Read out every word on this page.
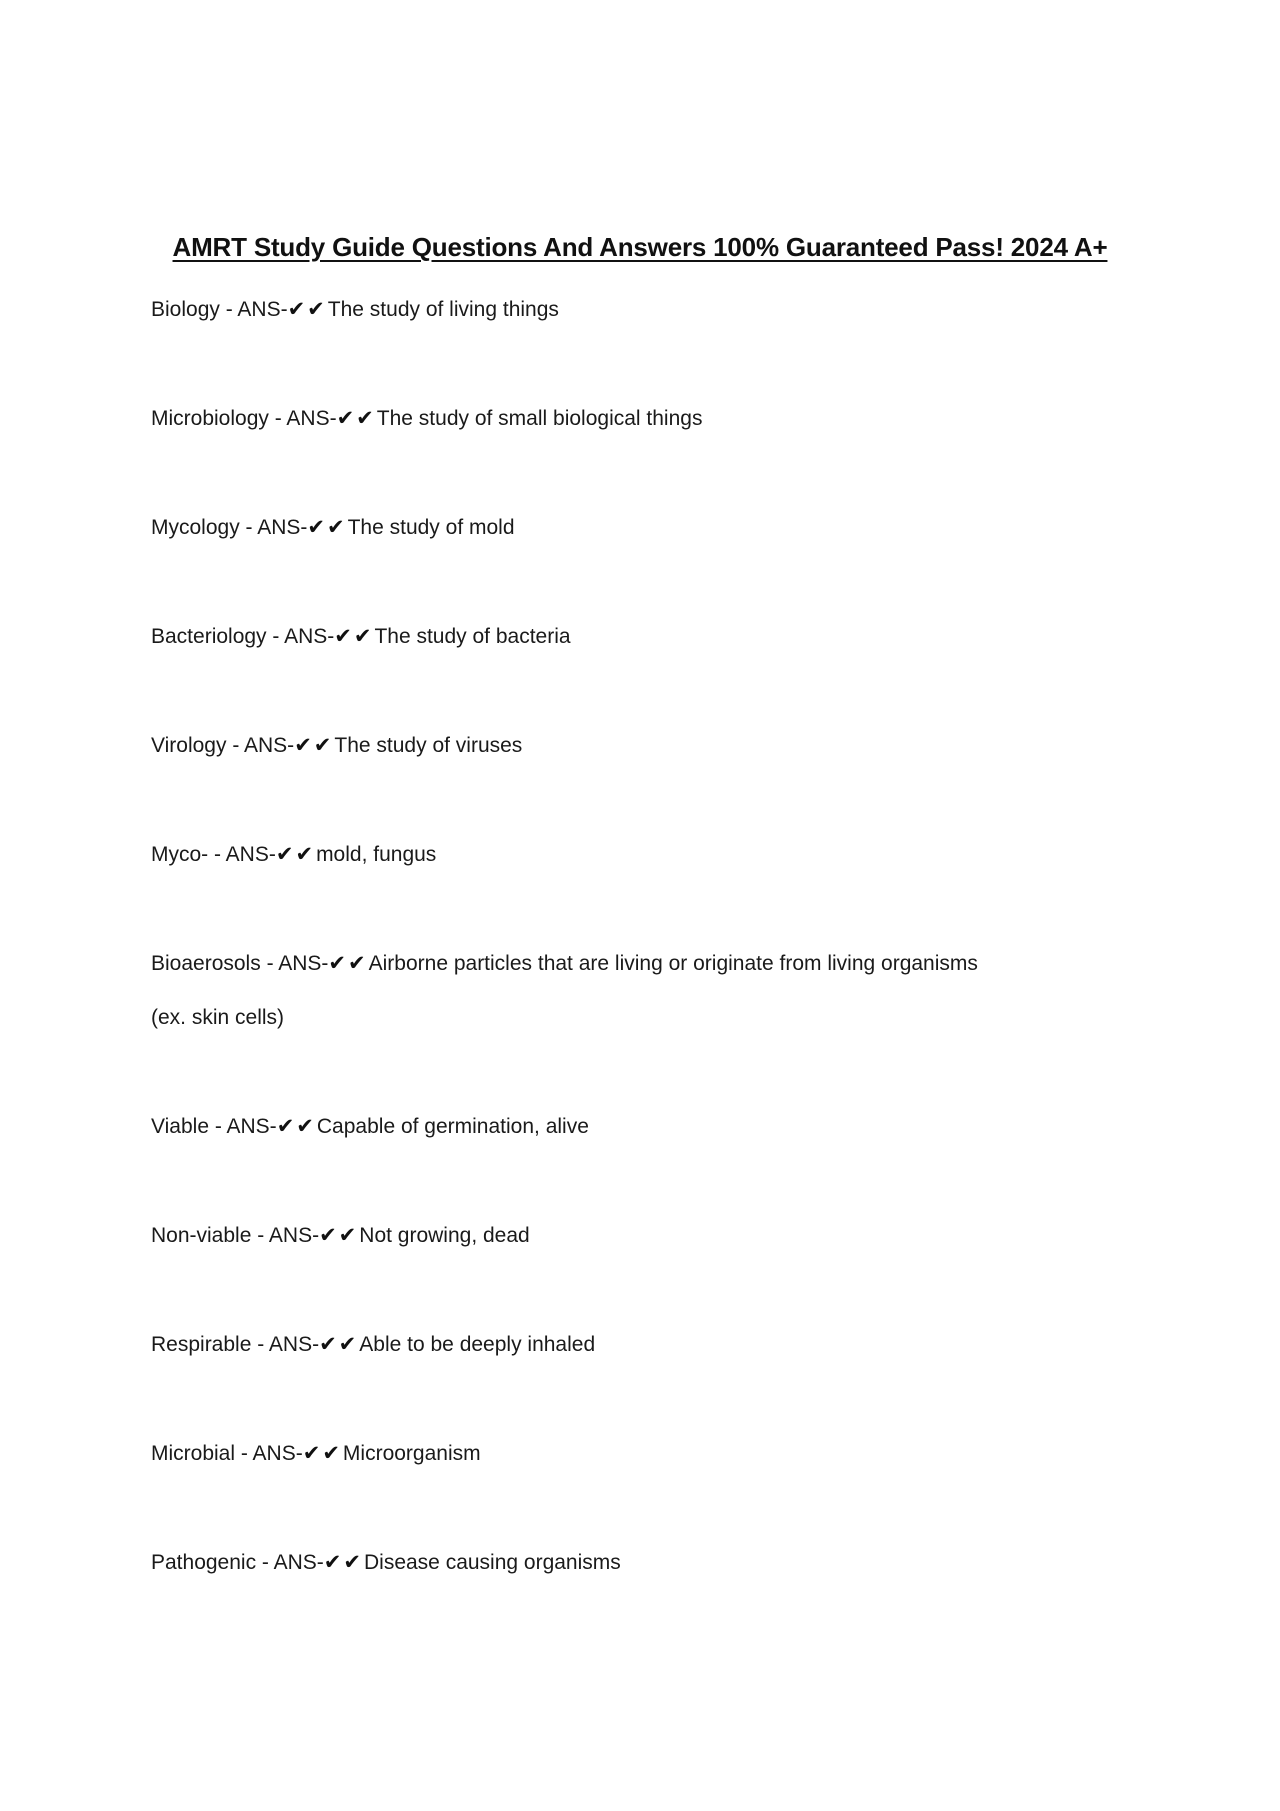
AMRT Study Guide Questions And Answers 100% Guaranteed Pass! 2024 A+
Biology - ANS-✔✔The study of living things
Microbiology - ANS-✔✔The study of small biological things
Mycology - ANS-✔✔The study of mold
Bacteriology - ANS-✔✔The study of bacteria
Virology - ANS-✔✔The study of viruses
Myco- - ANS-✔✔mold, fungus
Bioaerosols - ANS-✔✔Airborne particles that are living or originate from living organisms
(ex. skin cells)
Viable - ANS-✔✔Capable of germination, alive
Non-viable - ANS-✔✔Not growing, dead
Respirable - ANS-✔✔Able to be deeply inhaled
Microbial - ANS-✔✔Microorganism
Pathogenic - ANS-✔✔Disease causing organisms
